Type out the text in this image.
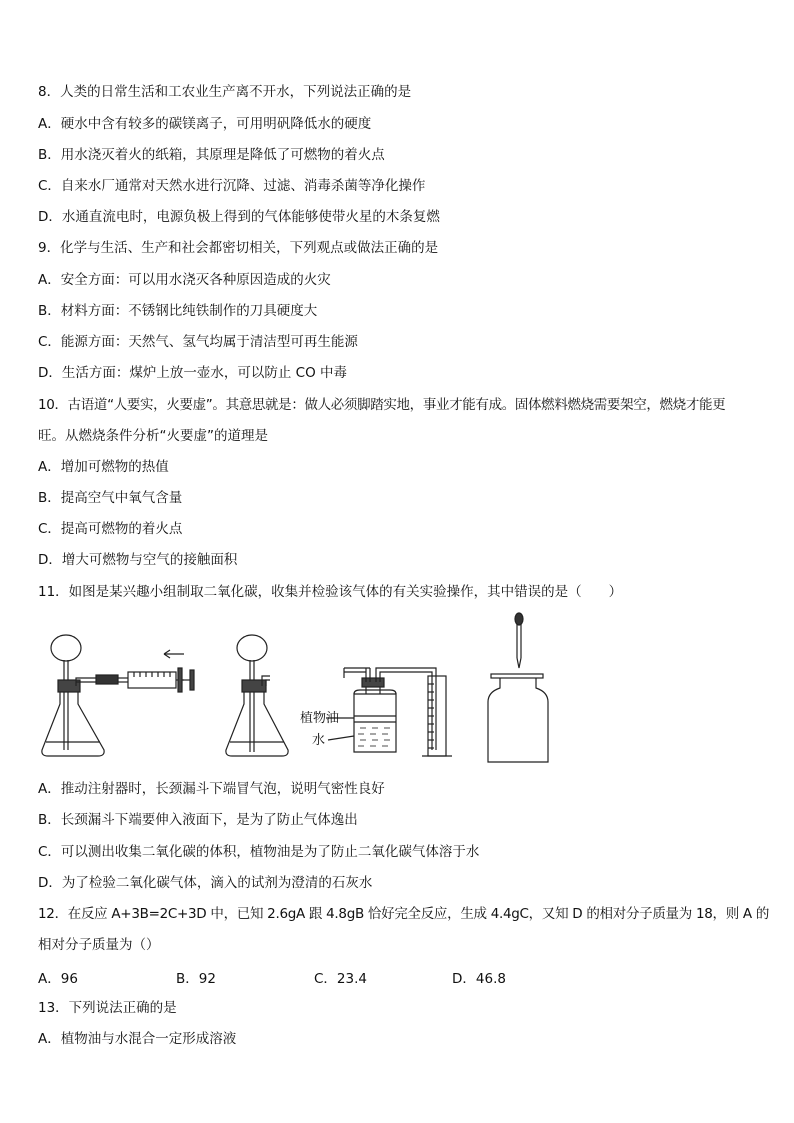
8．人类的日常生活和工农业生产离不开水，下列说法正确的是
A．硬水中含有较多的碳镁离子，可用明矾降低水的硬度
B．用水浇灭着火的纸箱，其原理是降低了可燃物的着火点
C．自来水厂通常对天然水进行沉降、过滤、消毒杀菌等净化操作
D．水通直流电时，电源负极上得到的气体能够使带火星的木条复燃
9．化学与生活、生产和社会都密切相关，下列观点或做法正确的是
A．安全方面：可以用水浇灭各种原因造成的火灾
B．材料方面：不锈钢比纯铁制作的刀具硬度大
C．能源方面：天然气、氢气均属于清洁型可再生能源
D．生活方面：煤炉上放一壶水，可以防止 CO 中毒
10．古语道“人要实，火要虚”。其意思就是：做人必须脚踏实地，事业才能有成。固体燃料燃烧需要架空，燃烧才能更
旺。从燃烧条件分析“火要虚”的道理是
A．增加可燃物的热值
B．提高空气中氧气含量
C．提高可燃物的着火点
D．增大可燃物与空气的接触面积
11．如图是某兴趣小组制取二氧化碳，收集并检验该气体的有关实验操作，其中错误的是（　　）
植物油
水
A．推动注射器时，长颈漏斗下端冒气泡，说明气密性良好
B．长颈漏斗下端要伸入液面下，是为了防止气体逸出
C．可以测出收集二氧化碳的体积，植物油是为了防止二氧化碳气体溶于水
D．为了检验二氧化碳气体，滴入的试剂为澄清的石灰水
12．在反应 A+3B=2C+3D 中，已知 2.6gA 跟 4.8gB 恰好完全反应，生成 4.4gC，又知 D 的相对分子质量为 18，则 A 的
相对分子质量为（）
A．96	B．92	C．23.4	D．46.8
13．下列说法正确的是
A．植物油与水混合一定形成溶液
